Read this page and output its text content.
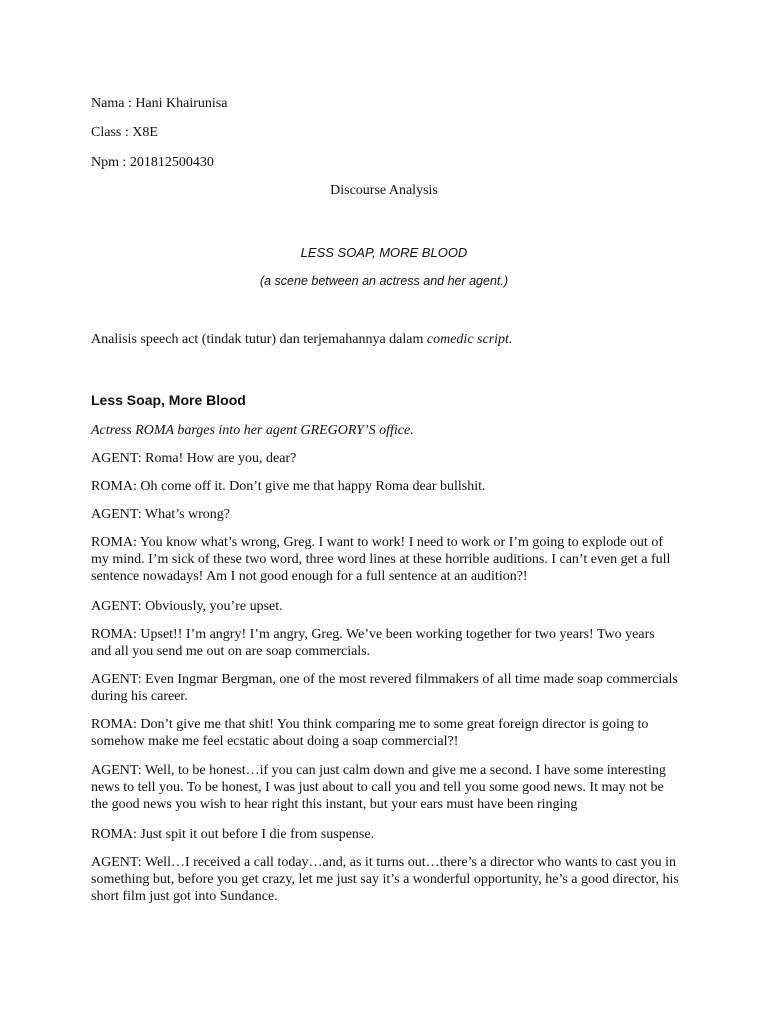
Nama : Hani Khairunisa

Class : X8E

Npm : 201812500430

Discourse Analysis

LESS SOAP, MORE BLOOD

(a scene between an actress and her agent.)

Analisis speech act (tindak tutur) dan terjemahannya dalam comedic script.

Less Soap, More Blood

Actress ROMA barges into her agent GREGORY’S office.

AGENT: Roma! How are you, dear?

ROMA: Oh come off it. Don’t give me that happy Roma dear bullshit.

AGENT: What’s wrong?

ROMA: You know what’s wrong, Greg. I want to work! I need to work or I’m going to explode out of
my mind. I’m sick of these two word, three word lines at these horrible auditions. I can’t even get a full
sentence nowadays! Am I not good enough for a full sentence at an audition?!

AGENT: Obviously, you’re upset.

ROMA: Upset!! I’m angry! I’m angry, Greg. We’ve been working together for two years! Two years
and all you send me out on are soap commercials.

AGENT: Even Ingmar Bergman, one of the most revered filmmakers of all time made soap commercials
during his career.

ROMA: Don’t give me that shit! You think comparing me to some great foreign director is going to
somehow make me feel ecstatic about doing a soap commercial?!

AGENT: Well, to be honest…if you can just calm down and give me a second. I have some interesting
news to tell you. To be honest, I was just about to call you and tell you some good news. It may not be
the good news you wish to hear right this instant, but your ears must have been ringing

ROMA: Just spit it out before I die from suspense.

AGENT: Well…I received a call today…and, as it turns out…there’s a director who wants to cast you in
something but, before you get crazy, let me just say it’s a wonderful opportunity, he’s a good director, his
short film just got into Sundance.
